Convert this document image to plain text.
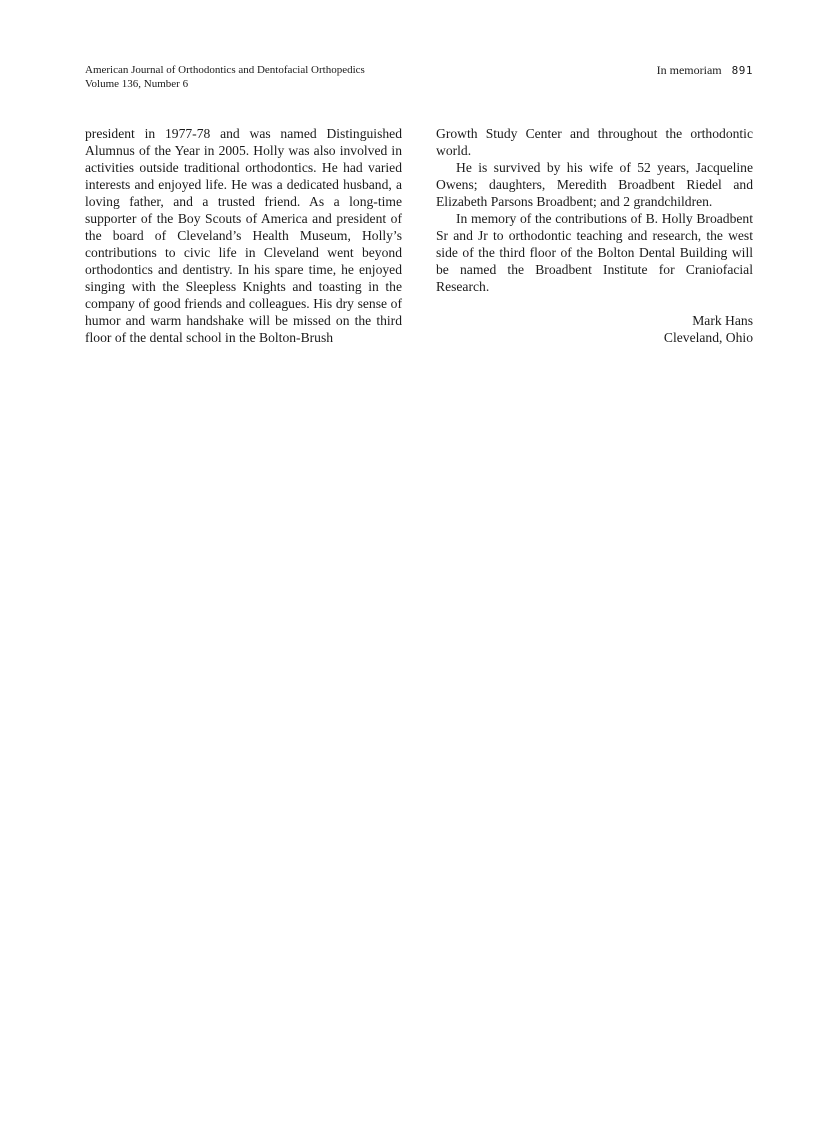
American Journal of Orthodontics and Dentofacial Orthopedics
Volume 136, Number 6
In memoriam 891

president in 1977-78 and was named Distinguished Alumnus of the Year in 2005. Holly was also involved in activities outside traditional orthodontics. He had varied interests and enjoyed life. He was a dedicated husband, a loving father, and a trusted friend. As a long-time supporter of the Boy Scouts of America and president of the board of Cleveland’s Health Museum, Holly’s contributions to civic life in Cleveland went beyond orthodontics and dentistry. In his spare time, he enjoyed singing with the Sleepless Knights and toasting in the company of good friends and colleagues. His dry sense of humor and warm handshake will be missed on the third floor of the dental school in the Bolton-Brush

Growth Study Center and throughout the orthodontic world.

He is survived by his wife of 52 years, Jacqueline Owens; daughters, Meredith Broadbent Riedel and Elizabeth Parsons Broadbent; and 2 grandchildren.

In memory of the contributions of B. Holly Broadbent Sr and Jr to orthodontic teaching and research, the west side of the third floor of the Bolton Dental Building will be named the Broadbent Institute for Craniofacial Research.

Mark Hans
Cleveland, Ohio
